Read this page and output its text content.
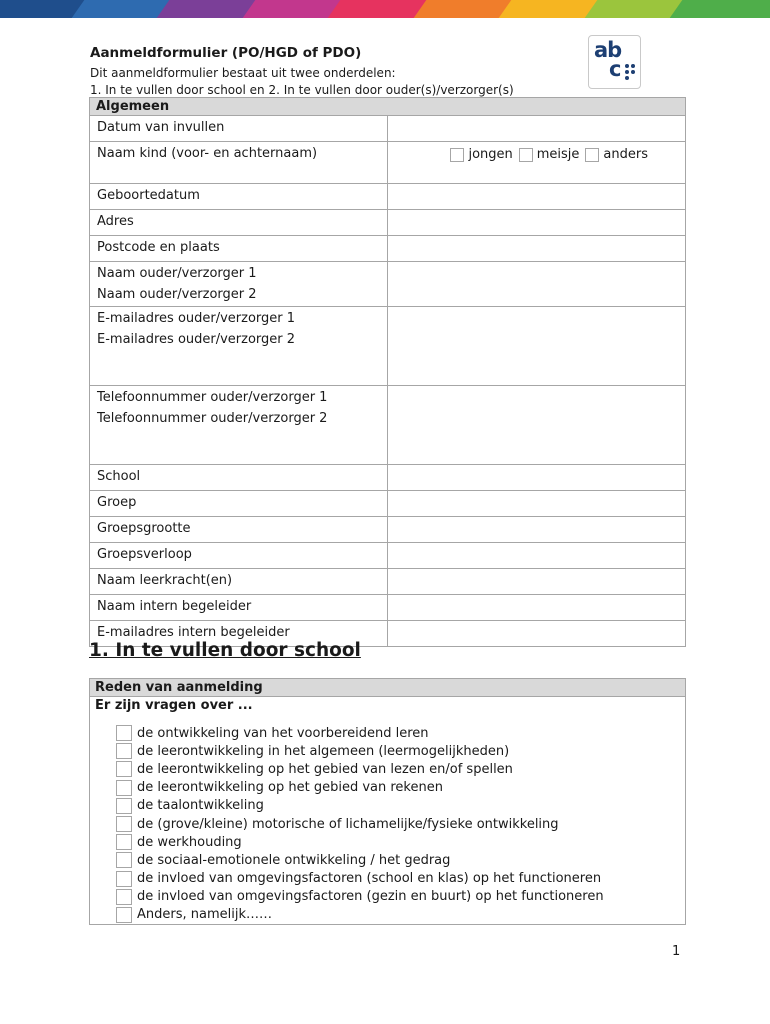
ab
c
Aanmeldformulier (PO/HGD of PDO)
Dit aanmeldformulier bestaat uit twee onderdelen:
1. In te vullen door school en 2. In te vullen door ouder(s)/verzorger(s)
Algemeen	

Datum van invullen	

Naam kind (voor- en achternaam)	jongen meisje anders

Geboortedatum	

Adres	

Postcode en plaats	

Naam ouder/verzorger 1

Naam ouder/verzorger 2	

E-mailadres ouder/verzorger 1

E-mailadres ouder/verzorger 2	

Telefoonnummer ouder/verzorger 1

Telefoonnummer ouder/verzorger 2	

School	

Groep	

Groepsgrootte	

Groepsverloop	

Naam leerkracht(en)	

Naam intern begeleider	

E-mailadres intern begeleider	

1. In te vullen door school
Reden van aanmelding
Er zijn vragen over ...
de ontwikkeling van het voorbereidend leren
de leerontwikkeling in het algemeen (leermogelijkheden)
de leerontwikkeling op het gebied van lezen en/of spellen
de leerontwikkeling op het gebied van rekenen
de taalontwikkeling
de (grove/kleine) motorische of lichamelijke/fysieke ontwikkeling
de werkhouding
de sociaal-emotionele ontwikkeling / het gedrag
de invloed van omgevingsfactoren (school en klas) op het functioneren
de invloed van omgevingsfactoren (gezin en buurt) op het functioneren
Anders, namelijk……
1
